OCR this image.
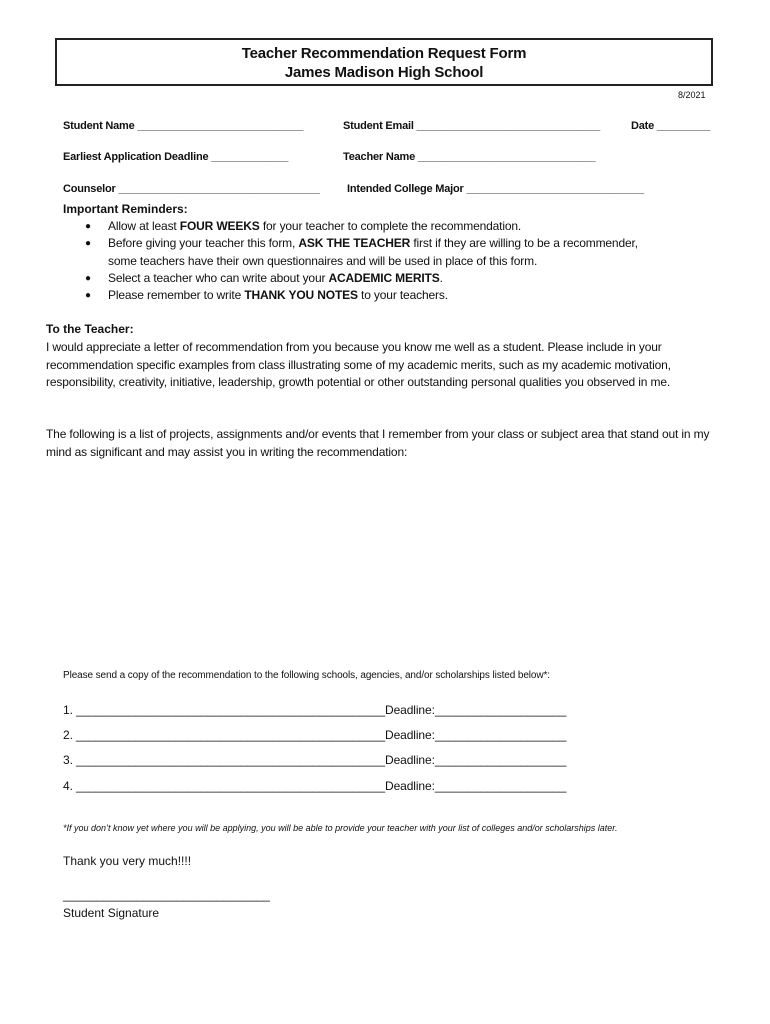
Teacher Recommendation Request Form
James Madison High School
8/2021
Student Name ____________________________	Student Email _______________________________	Date _________
Earliest Application Deadline _____________	Teacher Name ______________________________
Counselor __________________________________ Intended College Major ______________________________
Important Reminders:
● Allow at least FOUR WEEKS for your teacher to complete the recommendation.
● Before giving your teacher this form, ASK THE TEACHER first if they are willing to be a recommender,
some teachers have their own questionnaires and will be used in place of this form.
● Select a teacher who can write about your ACADEMIC MERITS.
● Please remember to write THANK YOU NOTES to your teachers.
To the Teacher:
I would appreciate a letter of recommendation from you because you know me well as a student. Please include in your recommendation specific examples from class illustrating some of my academic merits, such as my academic motivation, responsibility, creativity, initiative, leadership, growth potential or other outstanding personal qualities you observed in me.
The following is a list of projects, assignments and/or events that I remember from your class or subject area that stand out in my mind as significant and may assist you in writing the recommendation:
Please send a copy of the recommendation to the following schools, agencies, and/or scholarships listed below*:
1. _______________________________________________Deadline:____________________
2. _______________________________________________Deadline:____________________
3. _______________________________________________Deadline:____________________
4. _______________________________________________Deadline:____________________
*If you don’t know yet where you will be applying, you will be able to provide your teacher with your list of colleges and/or scholarships later.
Thank you very much!!!!
_______________________________
Student Signature
